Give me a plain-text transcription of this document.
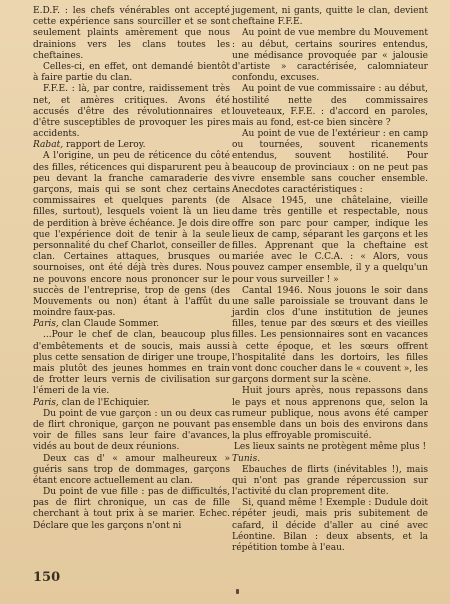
E.D.F. : les chefs vénérables ont accepté cette expérience sans sourciller et se sont seulement plaints amèrement que nous drainions vers les clans toutes les cheftaines.

Celles-ci, en effet, ont demandé bientôt à faire partie du clan.

F.F.E. : là, par contre, raidissement très net, et amères critiques. Avons été accusés d'être des révolutionnaires et d'être susceptibles de provoquer les pires accidents.

Rabat, rapport de Leroy.

A l'origine, un peu de réticence du côté des filles, réticences qui disparurent peu à peu devant la franche camaraderie des garçons, mais qui se sont chez certains commissaires et quelques parents (de filles, surtout), lesquels voient là un lieu de perdition à brève échéance. Je dois dire que l'expérience doit de tenir à la seule personnalité du chef Charlot, conseiller de clan. Certaines attaques, brusques ou sournoises, ont été déjà très dures. Nous ne pouvons encore nous prononcer sur le succès de l'entreprise, trop de gens (des Mouvements ou non) étant à l'affût du moindre faux-pas.

Paris, clan Claude Sommer.

...Pour le chef de clan, beaucoup plus d'embêtements et de soucis, mais aussi plus cette sensation de diriger une troupe, mais plutôt des jeunes hommes en train de frotter leurs vernis de civilisation sur l'émeri de la vie.

Paris, clan de l'Echiquier.

Du point de vue garçon : un ou deux cas de flirt chronique, garçon ne pouvant pas voir de filles sans leur faire d'avances, vidés au bout de deux réunions.

Deux cas d' « amour malheureux » guéris sans trop de dommages, garçons étant encore actuellement au clan.

Du point de vue fille : pas de difficultés, pas de flirt chronique, un cas de fille cherchant à tout prix à se marier. Echec. Déclare que les garçons n'ont ni

jugement, ni gants, quitte le clan, devient cheftaine F.F.E.

Au point de vue membre du Mouvement : au début, certains sourires entendus, une médisance provoquée par « jalousie d'artiste » caractérisée, calomniateur confondu, excuses.

Au point de vue commissaire : au début, hostilité nette des commissaires louveteaux, F.F.E. : d'accord en paroles, mais au fond, est-ce bien sincère ?

Au point de vue de l'extérieur : en camp ou tournées, souvent ricanements entendus, souvent hostilité. Pour beaucoup de provinciaux : on ne peut pas vivre ensemble sans coucher ensemble. Anecdotes caractéristiques :

Alsace 1945, une châtelaine, vieille dame très gentille et respectable, nous offre son parc pour camper, indique les lieux de camp, séparant les garçons et les filles. Apprenant que la cheftaine est mariée avec le C.C.A. : « Alors, vous pouvez camper ensemble, il y a quelqu'un pour vous surveiller ! »

Cantal 1946. Nous jouons le soir dans une salle paroissiale se trouvant dans le jardin clos d'une institution de jeunes filles, tenue par des sœurs et des vieilles filles. Les pensionnaires sont en vacances à cette époque, et les sœurs offrent l'hospitalité dans les dortoirs, les filles vont donc coucher dans le « couvent », les garçons dorment sur la scène.

Huit jours après, nous repassons dans le pays et nous apprenons que, selon la rumeur publique, nous avons été camper ensemble dans un bois des environs dans la plus effroyable promiscuité.

Les lieux saints ne protègent même plus !

Tunis.

Ebauches de flirts (inévitables !), mais qui n'ont pas grande répercussion sur l'activité du clan proprement dite.

Si, quand même ! Exemple : Dudule doit répéter jeudi, mais pris subitement de cafard, il décide d'aller au ciné avec Léontine. Bilan : deux absents, et la répétition tombe à l'eau.

150
